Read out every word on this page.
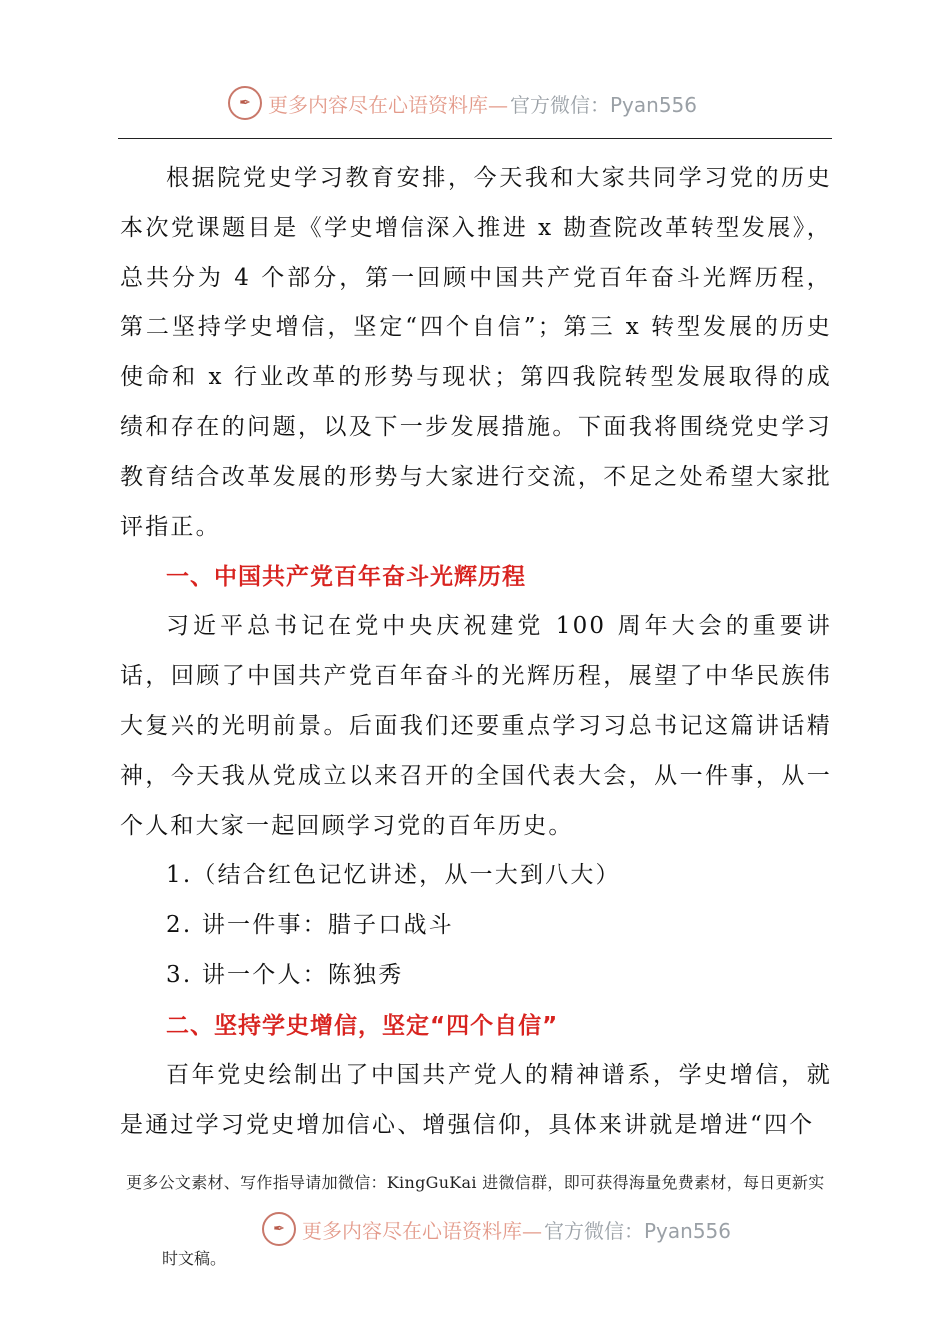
✒ 更多内容尽在心语资料库— 官方微信：Pyan556

根据院党史学习教育安排，今天我和大家共同学习党的历史本次党课题目是《学史增信深入推进 x 勘查院改革转型发展》，总共分为 4 个部分，第一回顾中国共产党百年奋斗光辉历程，第二坚持学史增信，坚定“四个自信”；第三 x 转型发展的历史使命和 x 行业改革的形势与现状；第四我院转型发展取得的成绩和存在的问题，以及下一步发展措施。下面我将围绕党史学习教育结合改革发展的形势与大家进行交流，不足之处希望大家批评指正。

一、中国共产党百年奋斗光辉历程

习近平总书记在党中央庆祝建党 100 周年大会的重要讲话，回顾了中国共产党百年奋斗的光辉历程，展望了中华民族伟大复兴的光明前景。后面我们还要重点学习习总书记这篇讲话精神，今天我从党成立以来召开的全国代表大会，从一件事，从一个人和大家一起回顾学习党的百年历史。

1.（结合红色记忆讲述，从一大到八大）

2. 讲一件事：腊子口战斗

3. 讲一个人：陈独秀

二、坚持学史增信，坚定“四个自信”

百年党史绘制出了中国共产党人的精神谱系，学史增信，就是通过学习党史增加信心、增强信仰，具体来讲就是增进“四个

更多公文素材、写作指导请加微信：KingGuKai 进微信群，即可获得海量免费素材，每日更新实
✒ 更多内容尽在心语资料库— 官方微信：Pyan556
时文稿。
